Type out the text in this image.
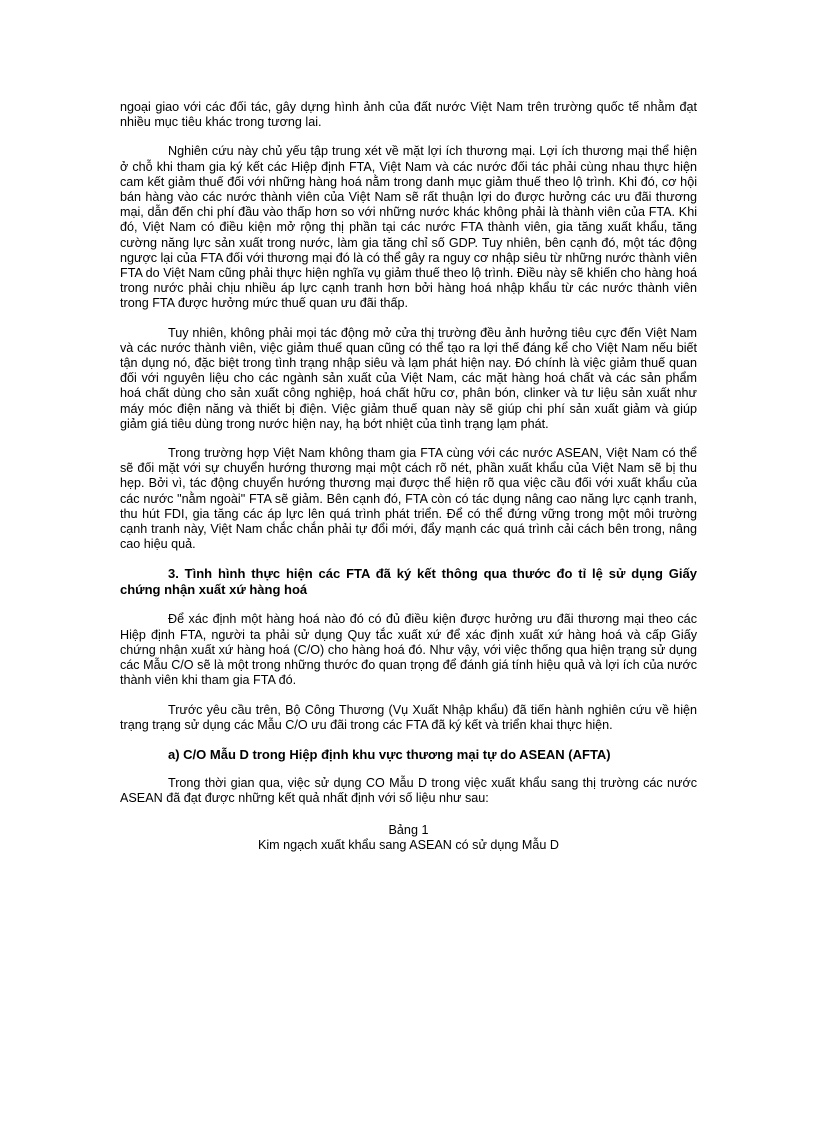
ngoại giao với các đối tác, gây dựng hình ảnh của đất nước Việt Nam trên trường quốc tế nhằm đạt nhiều mục tiêu khác trong tương lai.

Nghiên cứu này chủ yếu tập trung xét về mặt lợi ích thương mại. Lợi ích thương mại thể hiện ở chỗ khi tham gia ký kết các Hiệp định FTA, Việt Nam và các nước đối tác phải cùng nhau thực hiện cam kết giảm thuế đối với những hàng hoá nằm trong danh mục giảm thuế theo lộ trình. Khi đó, cơ hội bán hàng vào các nước thành viên của Việt Nam sẽ rất thuận lợi do được hưởng các ưu đãi thương mại, dẫn đến chi phí đầu vào thấp hơn so với những nước khác không phải là thành viên của FTA. Khi đó, Việt Nam có điều kiện mở rộng thị phần tại các nước FTA thành viên, gia tăng xuất khẩu, tăng cường năng lực sản xuất trong nước, làm gia tăng chỉ số GDP. Tuy nhiên, bên cạnh đó, một tác động ngược lại của FTA đối với thương mại đó là có thể gây ra nguy cơ nhập siêu từ những nước thành viên FTA do Việt Nam cũng phải thực hiện nghĩa vụ giảm thuế theo lộ trình. Điều này sẽ khiến cho hàng hoá trong nước phải chịu nhiều áp lực cạnh tranh hơn bởi hàng hoá nhập khẩu từ các nước thành viên trong FTA được hưởng mức thuế quan ưu đãi thấp.

Tuy nhiên, không phải mọi tác động mở cửa thị trường đều ảnh hưởng tiêu cực đến Việt Nam và các nước thành viên, việc giảm thuế quan cũng có thể tạo ra lợi thế đáng kể cho Việt Nam nếu biết tận dụng nó, đặc biệt trong tình trạng nhập siêu và lạm phát hiện nay. Đó chính là việc giảm thuế quan đối với nguyên liệu cho các ngành sản xuất của Việt Nam, các mặt hàng hoá chất và các sản phẩm hoá chất dùng cho sản xuất công nghiệp, hoá chất hữu cơ, phân bón, clinker và tư liệu sản xuất như máy móc điện năng và thiết bị điện. Việc giảm thuế quan này sẽ giúp chi phí sản xuất giảm và giúp giảm giá tiêu dùng trong nước hiện nay, hạ bớt nhiệt của tình trạng lạm phát.

Trong trường hợp Việt Nam không tham gia FTA cùng với các nước ASEAN, Việt Nam có thể sẽ đối mặt với sự chuyển hướng thương mại một cách rõ nét, phần xuất khẩu của Việt Nam sẽ bị thu hẹp. Bởi vì, tác động chuyển hướng thương mại được thể hiện rõ qua việc cầu đối với xuất khẩu của các nước "nằm ngoài" FTA sẽ giảm. Bên cạnh đó, FTA còn có tác dụng nâng cao năng lực cạnh tranh, thu hút FDI, gia tăng các áp lực lên quá trình phát triển. Để có thể đứng vững trong một môi trường cạnh tranh này, Việt Nam chắc chắn phải tự đổi mới, đẩy mạnh các quá trình cải cách bên trong, nâng cao hiệu quả.

3. Tình hình thực hiện các FTA đã ký kết thông qua thước đo tỉ lệ sử dụng Giấy chứng nhận xuất xứ hàng hoá

Để xác định một hàng hoá nào đó có đủ điều kiện được hưởng ưu đãi thương mại theo các Hiệp định FTA, người ta phải sử dụng Quy tắc xuất xứ để xác định xuất xứ hàng hoá và cấp Giấy chứng nhận xuất xứ hàng hoá (C/O) cho hàng hoá đó. Như vậy, với việc thống qua hiện trạng sử dụng các Mẫu C/O sẽ là một trong những thước đo quan trọng để đánh giá tính hiệu quả và lợi ích của nước thành viên khi tham gia FTA đó.

Trước yêu cầu trên, Bộ Công Thương (Vụ Xuất Nhập khẩu) đã tiến hành nghiên cứu về hiện trạng trạng sử dụng các Mẫu C/O ưu đãi trong các FTA đã ký kết và triển khai thực hiện.

a) C/O Mẫu D trong Hiệp định khu vực thương mại tự do ASEAN (AFTA)

Trong thời gian qua, việc sử dụng CO Mẫu D trong việc xuất khẩu sang thị trường các nước ASEAN đã đạt được những kết quả nhất định với số liệu như sau:

Bảng 1

Kim ngạch xuất khẩu sang ASEAN có sử dụng Mẫu D
